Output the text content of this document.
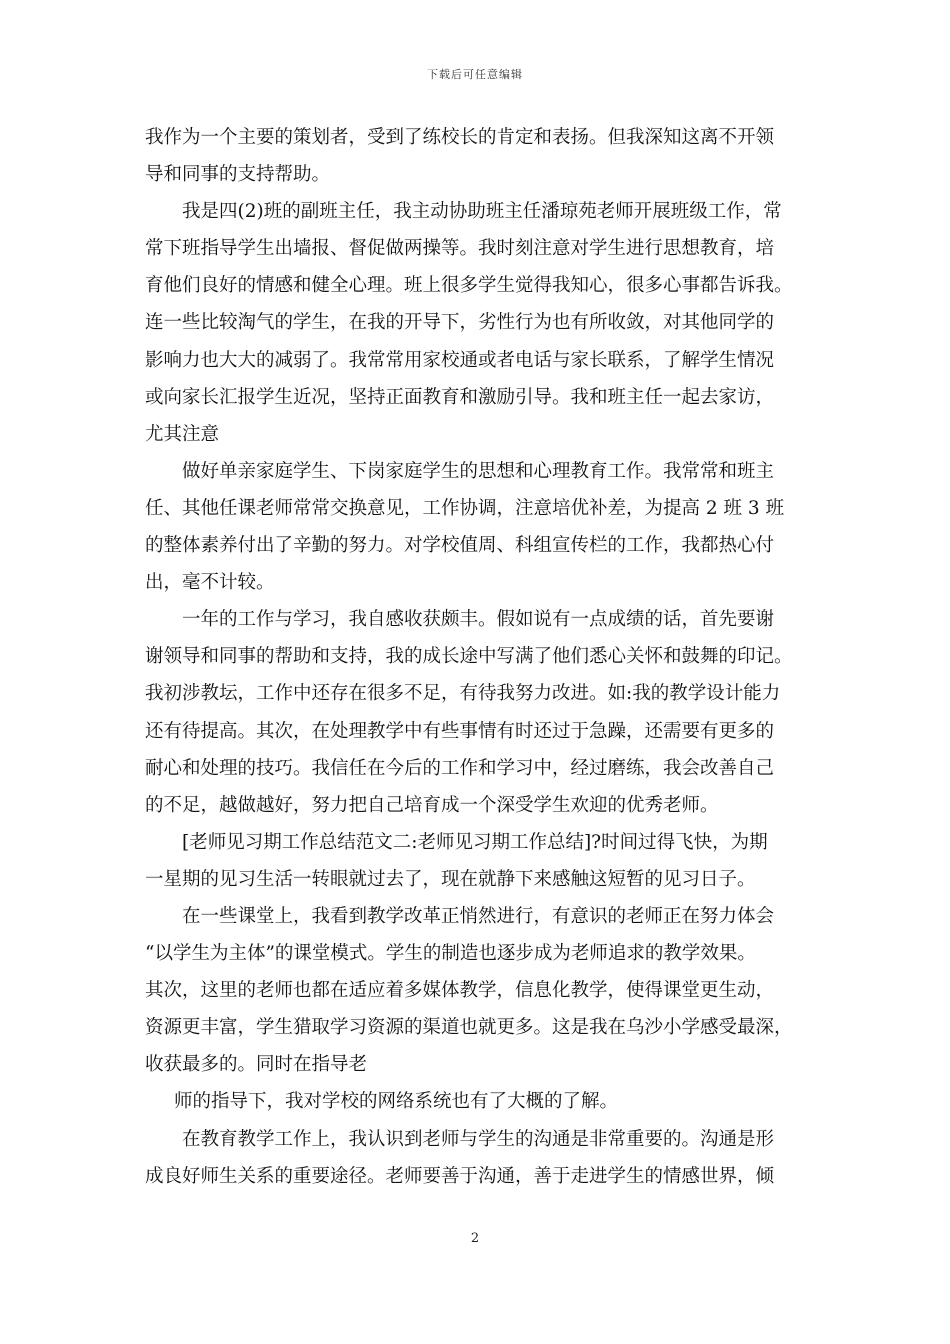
下载后可任意编辑
我作为一个主要的策划者，受到了练校长的肯定和表扬。但我深知这离不开领
导和同事的支持帮助。
我是四(2)班的副班主任，我主动协助班主任潘琼苑老师开展班级工作，常
常下班指导学生出墙报、督促做两操等。我时刻注意对学生进行思想教育，培
育他们良好的情感和健全心理。班上很多学生觉得我知心，很多心事都告诉我。
连一些比较淘气的学生，在我的开导下，劣性行为也有所收敛，对其他同学的
影响力也大大的减弱了。我常常用家校通或者电话与家长联系，了解学生情况
或向家长汇报学生近况，坚持正面教育和激励引导。我和班主任一起去家访，
尤其注意
做好单亲家庭学生、下岗家庭学生的思想和心理教育工作。我常常和班主
任、其他任课老师常常交换意见，工作协调，注意培优补差，为提高 2 班 3 班
的整体素养付出了辛勤的努力。对学校值周、科组宣传栏的工作，我都热心付
出，毫不计较。
一年的工作与学习，我自感收获颇丰。假如说有一点成绩的话，首先要谢
谢领导和同事的帮助和支持，我的成长途中写满了他们悉心关怀和鼓舞的印记。
我初涉教坛，工作中还存在很多不足，有待我努力改进。如:我的教学设计能力
还有待提高。其次，在处理教学中有些事情有时还过于急躁，还需要有更多的
耐心和处理的技巧。我信任在今后的工作和学习中，经过磨练，我会改善自己
的不足，越做越好，努力把自己培育成一个深受学生欢迎的优秀老师。
[老师见习期工作总结范文二:老师见习期工作总结]?时间过得飞快，为期
一星期的见习生活一转眼就过去了，现在就静下来感触这短暂的见习日子。
在一些课堂上，我看到教学改革正悄然进行，有意识的老师正在努力体会
“以学生为主体”的课堂模式。学生的制造也逐步成为老师追求的教学效果。
其次，这里的老师也都在适应着多媒体教学，信息化教学，使得课堂更生动，
资源更丰富，学生猎取学习资源的渠道也就更多。这是我在乌沙小学感受最深，
收获最多的。同时在指导老
师的指导下，我对学校的网络系统也有了大概的了解。
在教育教学工作上，我认识到老师与学生的沟通是非常重要的。沟通是形
成良好师生关系的重要途径。老师要善于沟通，善于走进学生的情感世界，倾
2
